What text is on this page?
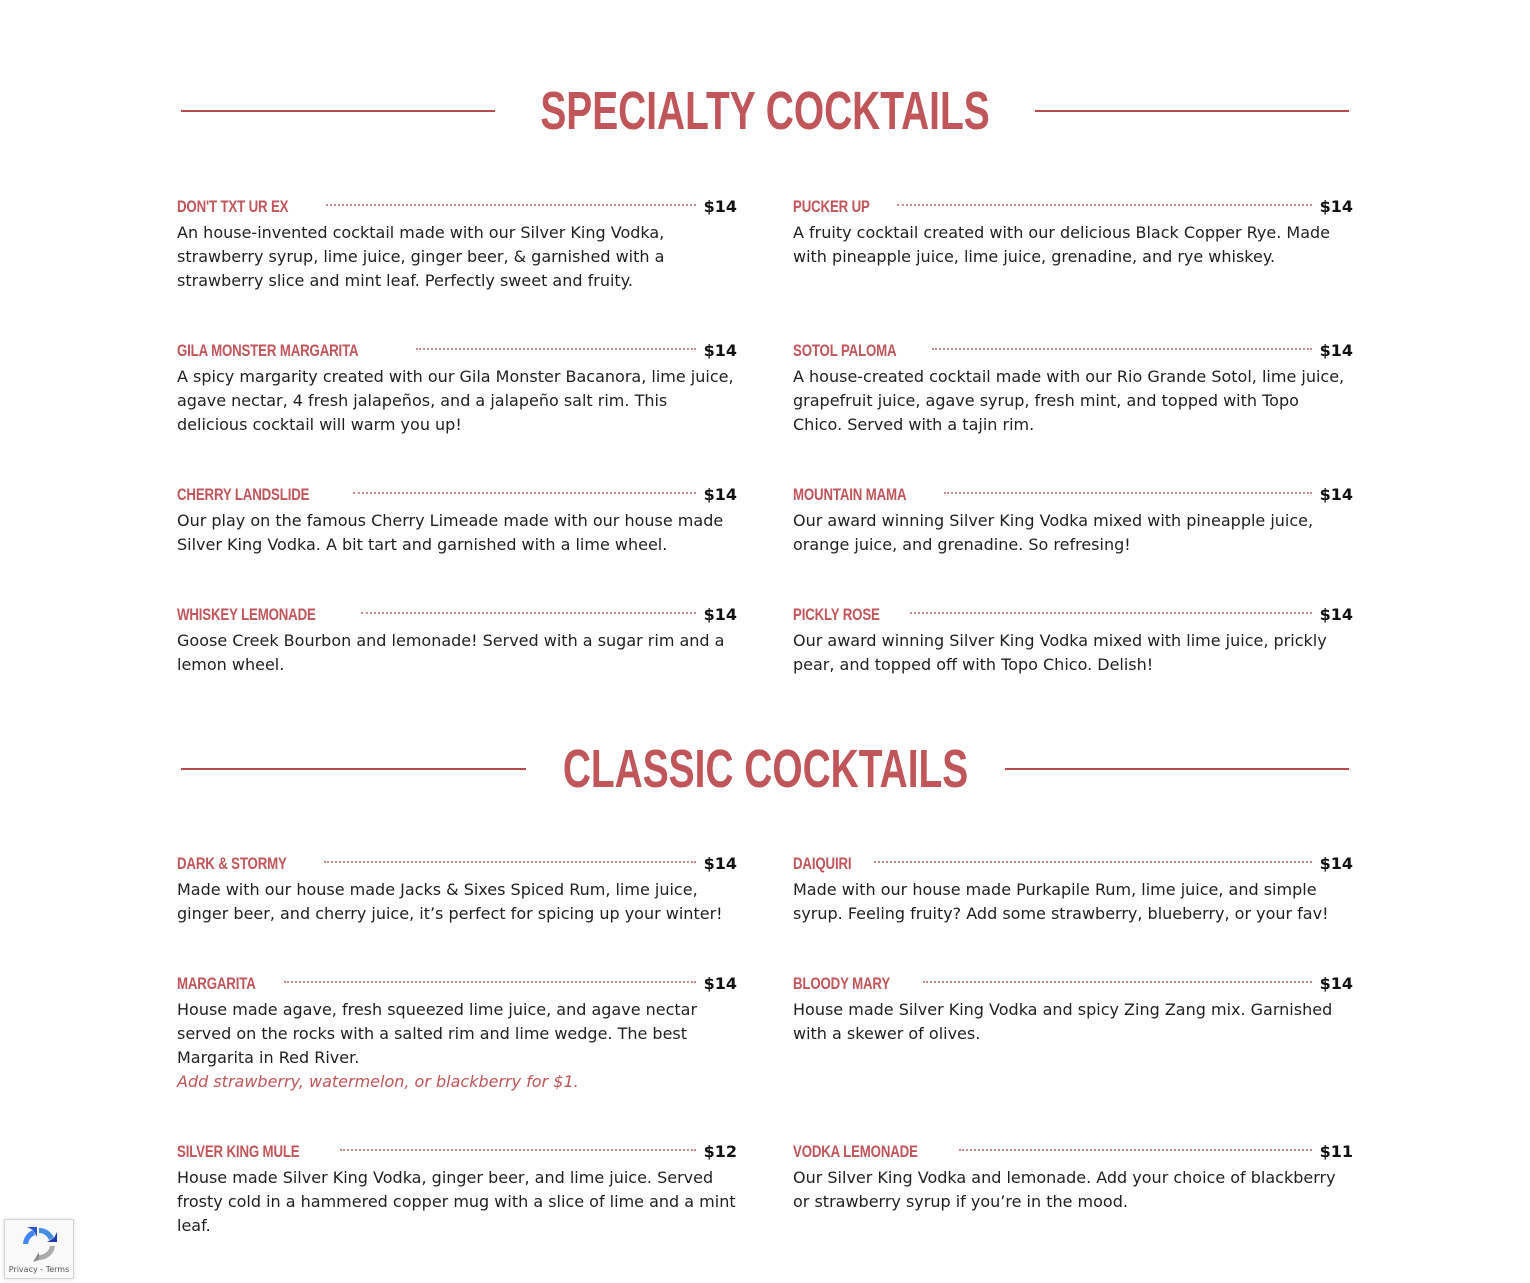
SPECIALTY COCKTAILS
DON'T TXT UR EX	$14

An house-invented cocktail made with our Silver King Vodka, strawberry syrup, lime juice, ginger beer, & garnished with a strawberry slice and mint leaf. Perfectly sweet and fruity.

PUCKER UP	$14

A fruity cocktail created with our delicious Black Copper Rye. Made with pineapple juice, lime juice, grenadine, and rye whiskey.

GILA MONSTER MARGARITA	$14

A spicy margarity created with our Gila Monster Bacanora, lime juice, agave nectar, 4 fresh jalapeños, and a jalapeño salt rim. This delicious cocktail will warm you up!

SOTOL PALOMA	$14

A house-created cocktail made with our Rio Grande Sotol, lime juice, grapefruit juice, agave syrup, fresh mint, and topped with Topo Chico. Served with a tajin rim.

CHERRY LANDSLIDE	$14

Our play on the famous Cherry Limeade made with our house made Silver King Vodka. A bit tart and garnished with a lime wheel.

MOUNTAIN MAMA	$14

Our award winning Silver King Vodka mixed with pineapple juice, orange juice, and grenadine. So refresing!

WHISKEY LEMONADE	$14

Goose Creek Bourbon and lemonade! Served with a sugar rim and a lemon wheel.

PICKLY ROSE	$14

Our award winning Silver King Vodka mixed with lime juice, prickly pear, and topped off with Topo Chico. Delish!

CLASSIC COCKTAILS
DARK & STORMY	$14

Made with our house made Jacks & Sixes Spiced Rum, lime juice, ginger beer, and cherry juice, it’s perfect for spicing up your winter!

DAIQUIRI	$14

Made with our house made Purkapile Rum, lime juice, and simple syrup. Feeling fruity? Add some strawberry, blueberry, or your fav!

MARGARITA	$14

House made agave, fresh squeezed lime juice, and agave nectar served on the rocks with a salted rim and lime wedge. The best Margarita in Red River.

Add strawberry, watermelon, or blackberry for $1.

BLOODY MARY	$14

House made Silver King Vodka and spicy Zing Zang mix. Garnished with a skewer of olives.

SILVER KING MULE	$12

House made Silver King Vodka, ginger beer, and lime juice. Served frosty cold in a hammered copper mug with a slice of lime and a mint leaf.

VODKA LEMONADE	$11

Our Silver King Vodka and lemonade. Add your choice of blackberry or strawberry syrup if you’re in the mood.

Privacy - Terms
